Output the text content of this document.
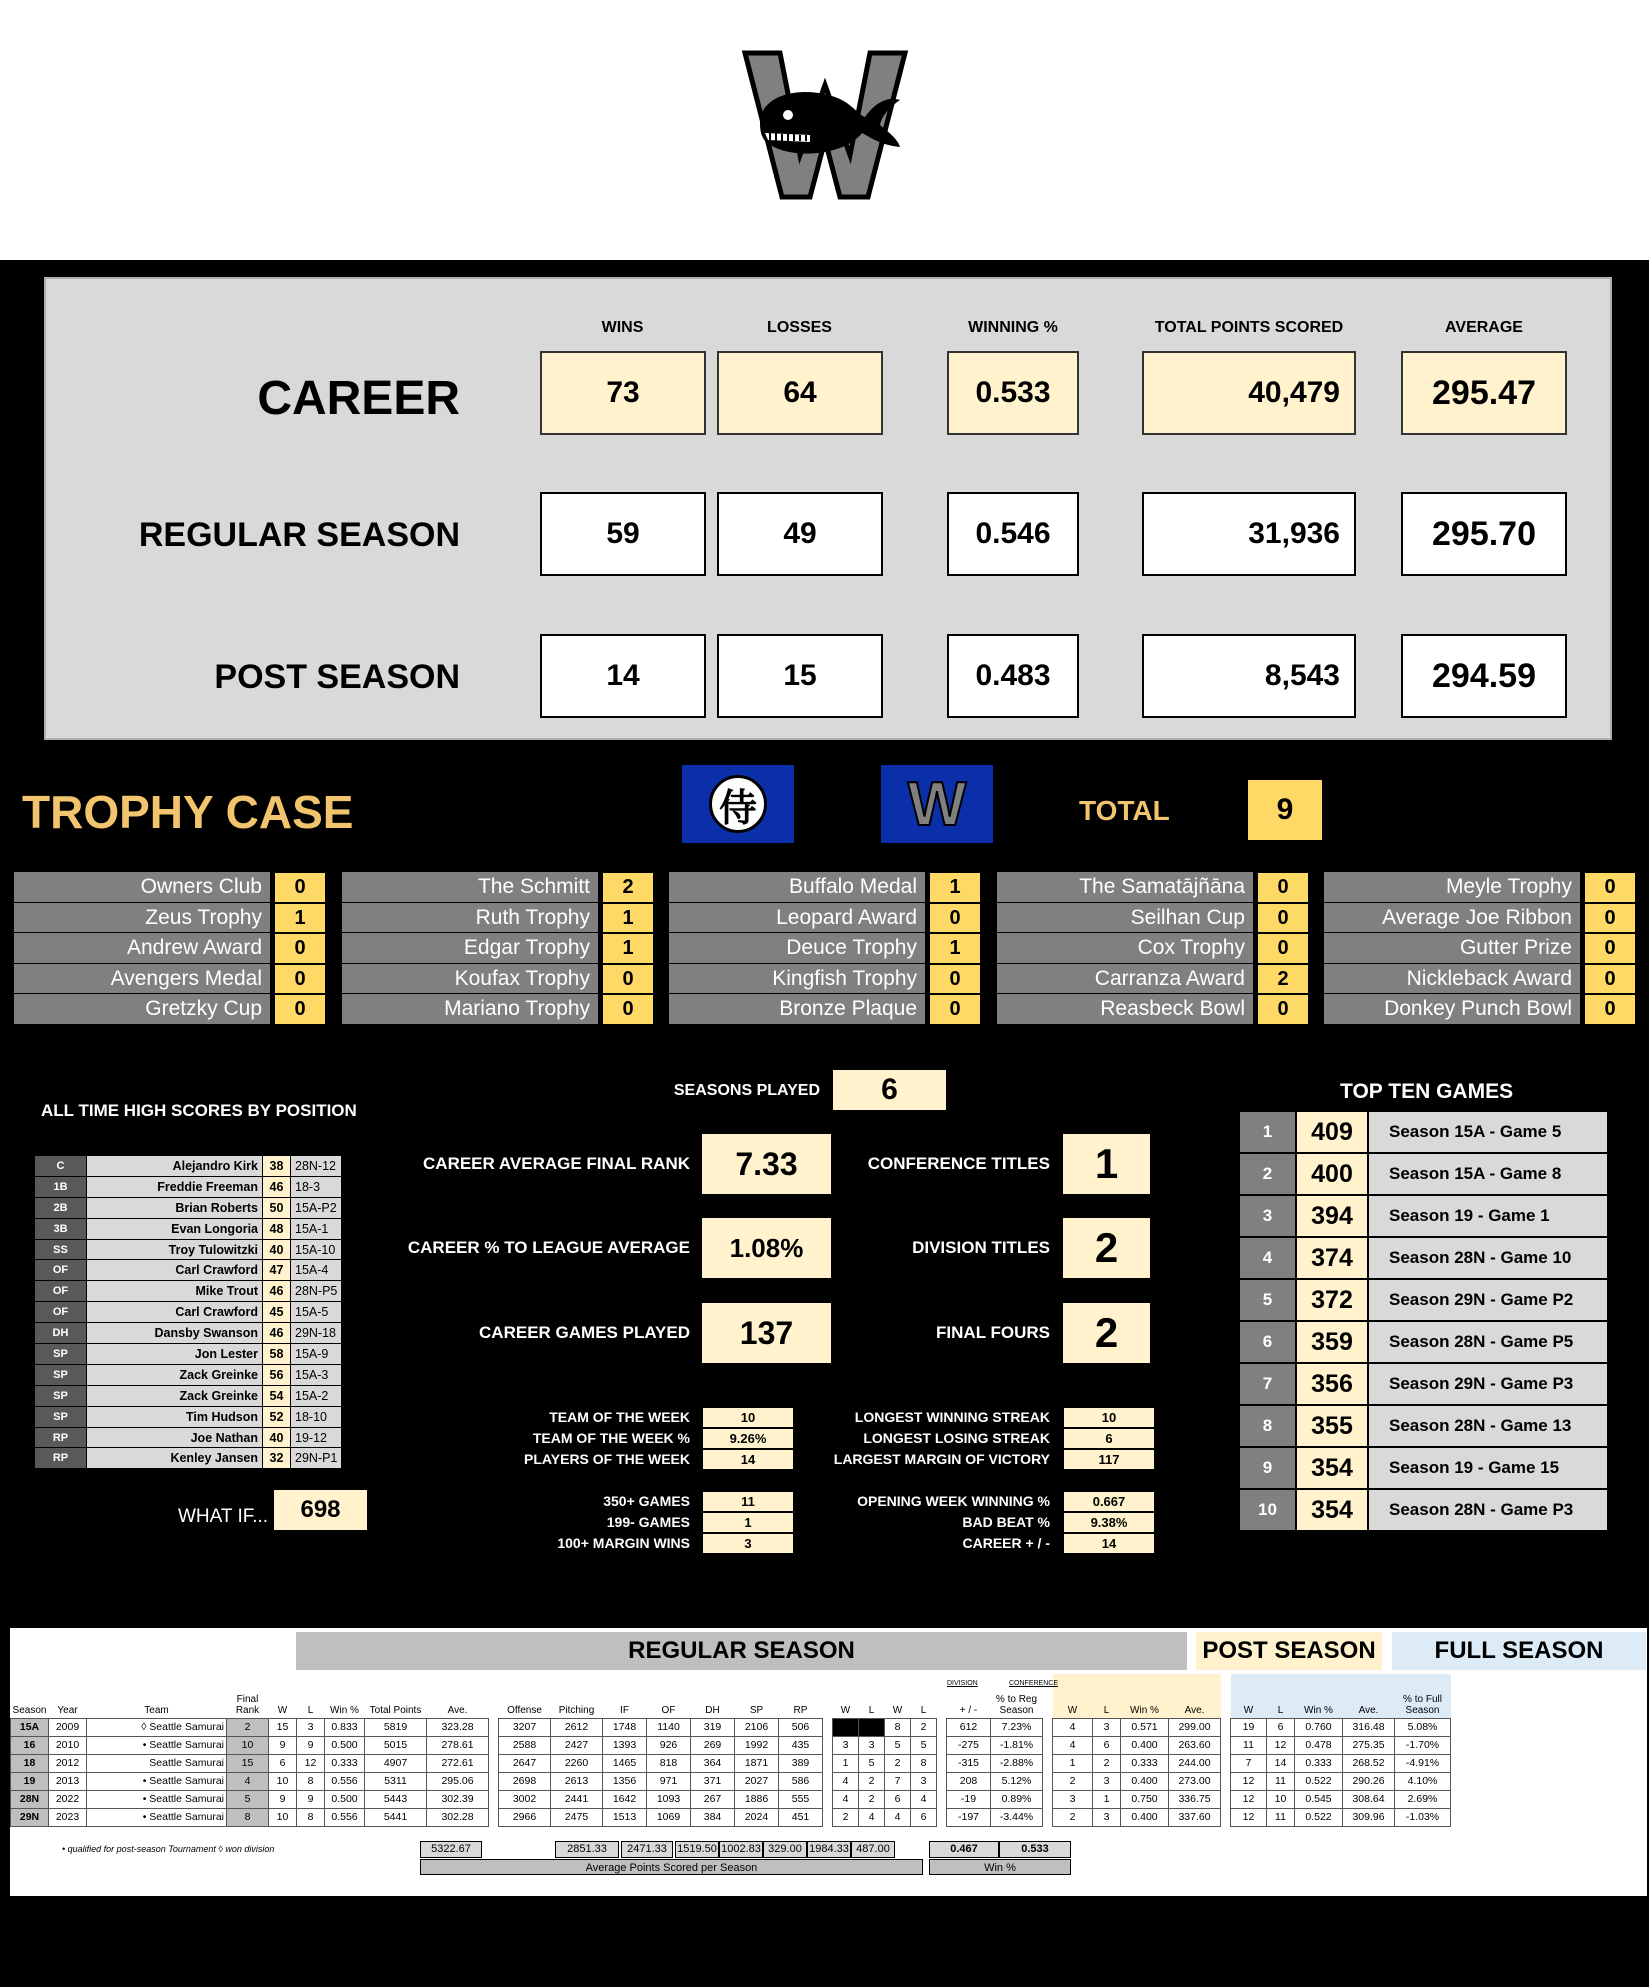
WINS	LOSSES	WINNING %	TOTAL POINTS SCORED	AVERAGE
CAREER	73	64	0.533	40,479	295.47
REGULAR SEASON	59	49	0.546	31,936	295.70
POST SEASON	14	15	0.483	8,543	294.59
TROPHY CASE	侍 W	TOTAL	9
Owners Club	0
Zeus Trophy	1
Andrew Award	0
Avengers Medal	0
Gretzky Cup	0
The Schmitt	2
Ruth Trophy	1
Edgar Trophy	1
Koufax Trophy	0
Mariano Trophy	0
Buffalo Medal	1
Leopard Award	0
Deuce Trophy	1
Kingfish Trophy	0
Bronze Plaque	0
The Samatājñāna	0
Seilhan Cup	0
Cox Trophy	0
Carranza Award	2
Reasbeck Bowl	0
Meyle Trophy	0
Average Joe Ribbon	0
Gutter Prize	0
Nickleback Award	0
Donkey Punch Bowl	0
ALL TIME HIGH SCORES BY POSITION
C	Alejandro Kirk	38	28N-12
1B	Freddie Freeman	46	18-3
2B	Brian Roberts	50	15A-P2
3B	Evan Longoria	48	15A-1
SS	Troy Tulowitzki	40	15A-10
OF	Carl Crawford	47	15A-4
OF	Mike Trout	46	28N-P5
OF	Carl Crawford	45	15A-5
DH	Dansby Swanson	46	29N-18
SP	Jon Lester	58	15A-9
SP	Zack Greinke	56	15A-3
SP	Zack Greinke	54	15A-2
SP	Tim Hudson	52	18-10
RP	Joe Nathan	40	19-12
RP	Kenley Jansen	32	29N-P1
WHAT IF...	698
SEASONS PLAYED	6
CAREER AVERAGE FINAL RANK	7.33
CAREER % TO LEAGUE AVERAGE	1.08%
CAREER GAMES PLAYED	137
CONFERENCE TITLES	1
DIVISION TITLES	2
FINAL FOURS	2
TEAM OF THE WEEK	10
TEAM OF THE WEEK %	9.26%
PLAYERS OF THE WEEK	14
350+ GAMES	11
199- GAMES	1
100+ MARGIN WINS	3
LONGEST WINNING STREAK	10
LONGEST LOSING STREAK	6
LARGEST MARGIN OF VICTORY	117
OPENING WEEK WINNING %	0.667
BAD BEAT %	9.38%
CAREER + / -	14
TOP TEN GAMES
1	409	Season 15A - Game 5
2	400	Season 15A - Game 8
3	394	Season 19 - Game 1
4	374	Season 28N - Game 10
5	372	Season 29N - Game P2
6	359	Season 28N - Game P5
7	356	Season 29N - Game P3
8	355	Season 28N - Game 13
9	354	Season 19 - Game 15
10	354	Season 28N - Game P3
REGULAR SEASON	POST SEASON	FULL SEASON
Season	Year	Team	Final Rank	W	L	Win %	Total Points	Ave.		Offense	Pitching	IF	OF	DH	SP	RP		W	L	W	L		+ / -	% to Reg Season		W	L	Win %	Ave.		W	L	Win %	Ave.	% to Full Season
15A	2009	◊ Seattle Samurai	2	15	3	0.833	5819	323.28		3207	2612	1748	1140	319	2106	506				8	2		612	7.23%		4	3	0.571	299.00		19	6	0.760	316.48	5.08%
16	2010	• Seattle Samurai	10	9	9	0.500	5015	278.61		2588	2427	1393	926	269	1992	435		3	3	5	5		-275	-1.81%		4	6	0.400	263.60		11	12	0.478	275.35	-1.70%
18	2012	Seattle Samurai	15	6	12	0.333	4907	272.61		2647	2260	1465	818	364	1871	389		1	5	2	8		-315	-2.88%		1	2	0.333	244.00		7	14	0.333	268.52	-4.91%
19	2013	• Seattle Samurai	4	10	8	0.556	5311	295.06		2698	2613	1356	971	371	2027	586		4	2	7	3		208	5.12%		2	3	0.400	273.00		12	11	0.522	290.26	4.10%
28N	2022	• Seattle Samurai	5	9	9	0.500	5443	302.39		3002	2441	1642	1093	267	1886	555		4	2	6	4		-19	0.89%		3	1	0.750	336.75		12	10	0.545	308.64	2.69%
29N	2023	• Seattle Samurai	8	10	8	0.556	5441	302.28		2966	2475	1513	1069	384	2024	451		2	4	4	6		-197	-3.44%		2	3	0.400	337.60		12	11	0.522	309.96	-1.03%
• qualified for post-season Tournament ◊ won division	5322.67	2851.33	2471.33 1519.50 1002.83 329.00 1984.33 487.00
Average Points Scored per Season
0.467	0.533
Win %
DIVISION	CONFERENCE
